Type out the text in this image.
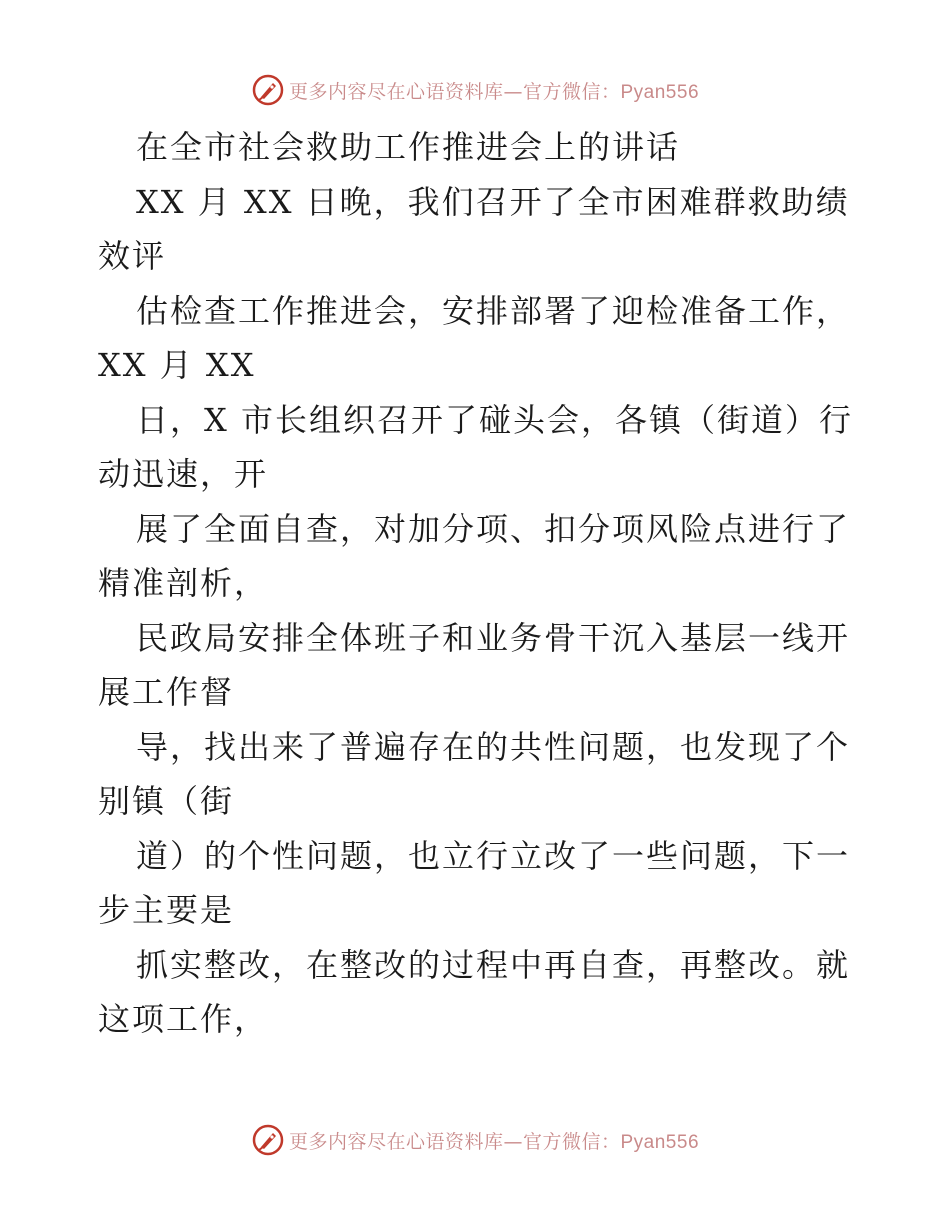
更多内容尽在心语资料库—官方微信：Pyan556
在全市社会救助工作推进会上的讲话
XX 月 XX 日晚，我们召开了全市困难群救助绩
效评
估检查工作推进会，安排部署了迎检准备工作，
XX 月 XX
日，X 市长组织召开了碰头会，各镇（街道）行
动迅速，开
展了全面自查，对加分项、扣分项风险点进行了
精准剖析，
民政局安排全体班子和业务骨干沉入基层一线开
展工作督
导，找出来了普遍存在的共性问题，也发现了个
别镇（街
道）的个性问题，也立行立改了一些问题，下一
步主要是
抓实整改，在整改的过程中再自查，再整改。就
这项工作，
更多内容尽在心语资料库—官方微信：Pyan556
